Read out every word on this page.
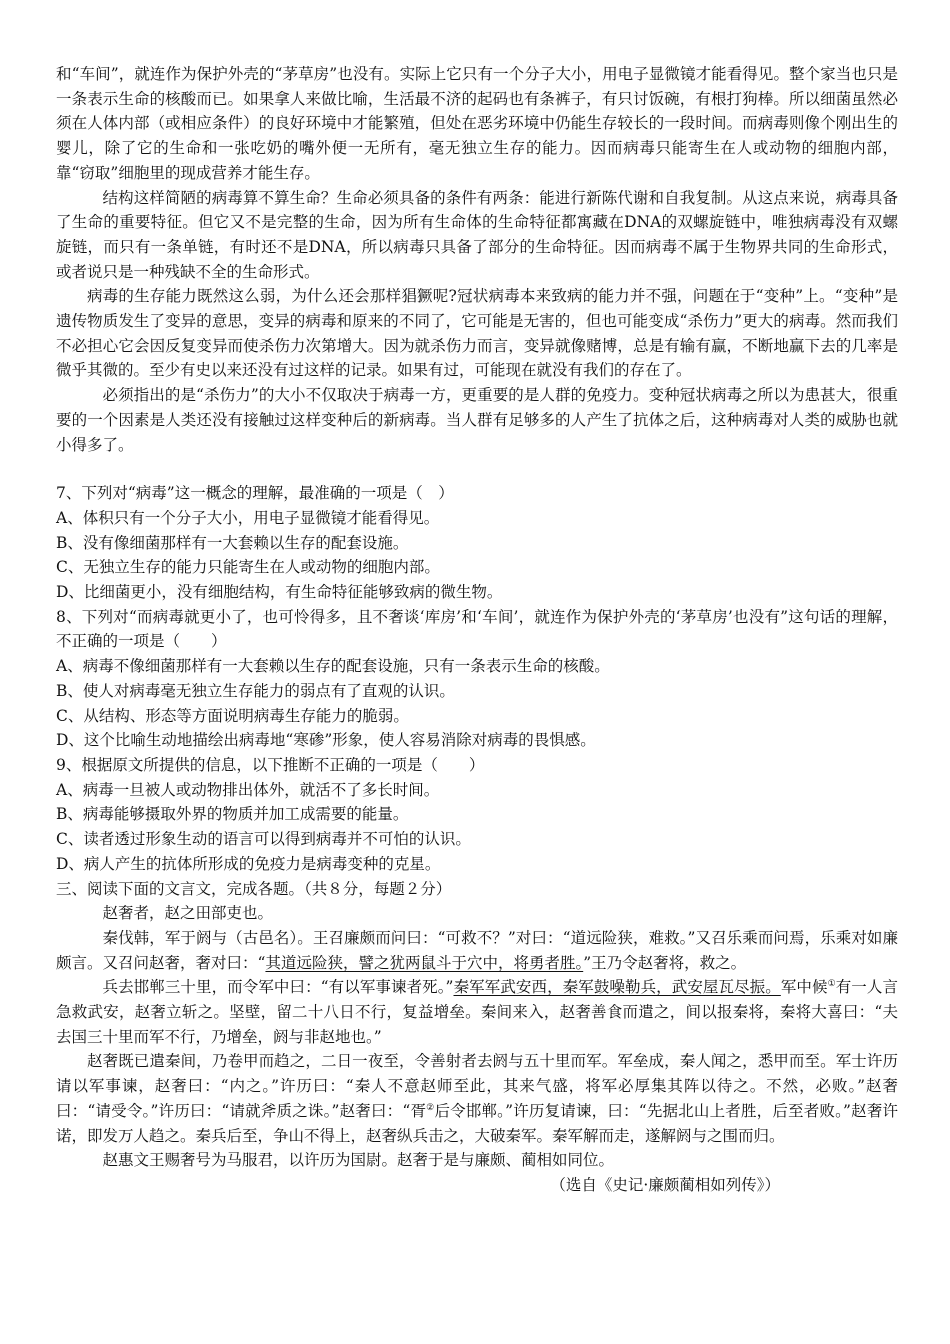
和“车间”，就连作为保护外壳的“茅草房”也没有。实际上它只有一个分子大小，用电子显微镜才能看得见。整个家当也只是一条表示生命的核酸而已。如果拿人来做比喻，生活最不济的起码也有条裤子，有只讨饭碗，有根打狗棒。所以细菌虽然必须在人体内部（或相应条件）的良好环境中才能繁殖，但处在恶劣环境中仍能生存较长的一段时间。而病毒则像个刚出生的婴儿，除了它的生命和一张吃奶的嘴外便一无所有，毫无独立生存的能力。因而病毒只能寄生在人或动物的细胞内部，靠“窃取”细胞里的现成营养才能生存。

结构这样简陋的病毒算不算生命？生命必须具备的条件有两条：能进行新陈代谢和自我复制。从这点来说，病毒具备了生命的重要特征。但它又不是完整的生命，因为所有生命体的生命特征都寓藏在DNA的双螺旋链中，唯独病毒没有双螺旋链，而只有一条单链，有时还不是DNA，所以病毒只具备了部分的生命特征。因而病毒不属于生物界共同的生命形式，或者说只是一种残缺不全的生命形式。

病毒的生存能力既然这么弱，为什么还会那样猖獗呢?冠状病毒本来致病的能力并不强，问题在于“变种”上。“变种”是遗传物质发生了变异的意思，变异的病毒和原来的不同了，它可能是无害的，但也可能变成“杀伤力”更大的病毒。然而我们不必担心它会因反复变异而使杀伤力次第增大。因为就杀伤力而言，变异就像赌博，总是有输有赢，不断地赢下去的几率是微乎其微的。至少有史以来还没有过这样的记录。如果有过，可能现在就没有我们的存在了。

必须指出的是“杀伤力”的大小不仅取决于病毒一方，更重要的是人群的免疫力。变种冠状病毒之所以为患甚大，很重要的一个因素是人类还没有接触过这样变种后的新病毒。当人群有足够多的人产生了抗体之后，这种病毒对人类的威胁也就小得多了。

7、下列对“病毒”这一概念的理解，最准确的一项是（　）

A、体积只有一个分子大小，用电子显微镜才能看得见。

B、没有像细菌那样有一大套赖以生存的配套设施。

C、无独立生存的能力只能寄生在人或动物的细胞内部。

D、比细菌更小，没有细胞结构，有生命特征能够致病的微生物。

8、下列对“而病毒就更小了，也可怜得多，且不奢谈‘库房’和‘车间’，就连作为保护外壳的‘茅草房’也没有”这句话的理解，不正确的一项是（　　）

A、病毒不像细菌那样有一大套赖以生存的配套设施，只有一条表示生命的核酸。

B、使人对病毒毫无独立生存能力的弱点有了直观的认识。

C、从结构、形态等方面说明病毒生存能力的脆弱。

D、这个比喻生动地描绘出病毒地“寒碜”形象，使人容易消除对病毒的畏惧感。

9、根据原文所提供的信息，以下推断不正确的一项是（　　）

A、病毒一旦被人或动物排出体外，就活不了多长时间。

B、病毒能够摄取外界的物质并加工成需要的能量。

C、读者透过形象生动的语言可以得到病毒并不可怕的认识。

D、病人产生的抗体所形成的免疫力是病毒变种的克星。

三、阅读下面的文言文，完成各题。（共８分，每题２分）

赵奢者，赵之田部吏也。

秦伐韩，军于阏与（古邑名）。王召廉颇而问曰：“可救不？”对曰：“道远险狭，难救。”又召乐乘而问焉，乐乘对如廉颇言。又召问赵奢，奢对曰：“其道远险狭，譬之犹两鼠斗于穴中，将勇者胜。”王乃令赵奢将，救之。

兵去邯郸三十里，而令军中曰：“有以军事谏者死。”秦军军武安西，秦军鼓噪勒兵，武安屋瓦尽振。军中候①有一人言急救武安，赵奢立斩之。坚壁，留二十八日不行，复益增垒。秦间来入，赵奢善食而遣之，间以报秦将，秦将大喜曰：“夫去国三十里而军不行，乃增垒，阏与非赵地也。”

赵奢既已遣秦间，乃卷甲而趋之，二日一夜至，令善射者去阏与五十里而军。军垒成，秦人闻之，悉甲而至。军士许历请以军事谏，赵奢曰：“内之。”许历曰：“秦人不意赵师至此，其来气盛，将军必厚集其阵以待之。不然，必败。”赵奢曰：“请受令。”许历曰：“请就斧质之诛。”赵奢曰：“胥②后令邯郸。”许历复请谏，曰：“先据北山上者胜，后至者败。”赵奢许诺，即发万人趋之。秦兵后至，争山不得上，赵奢纵兵击之，大破秦军。秦军解而走，遂解阏与之围而归。

赵惠文王赐奢号为马服君，以许历为国尉。赵奢于是与廉颇、蔺相如同位。

（选自《史记·廉颇蔺相如列传》）
